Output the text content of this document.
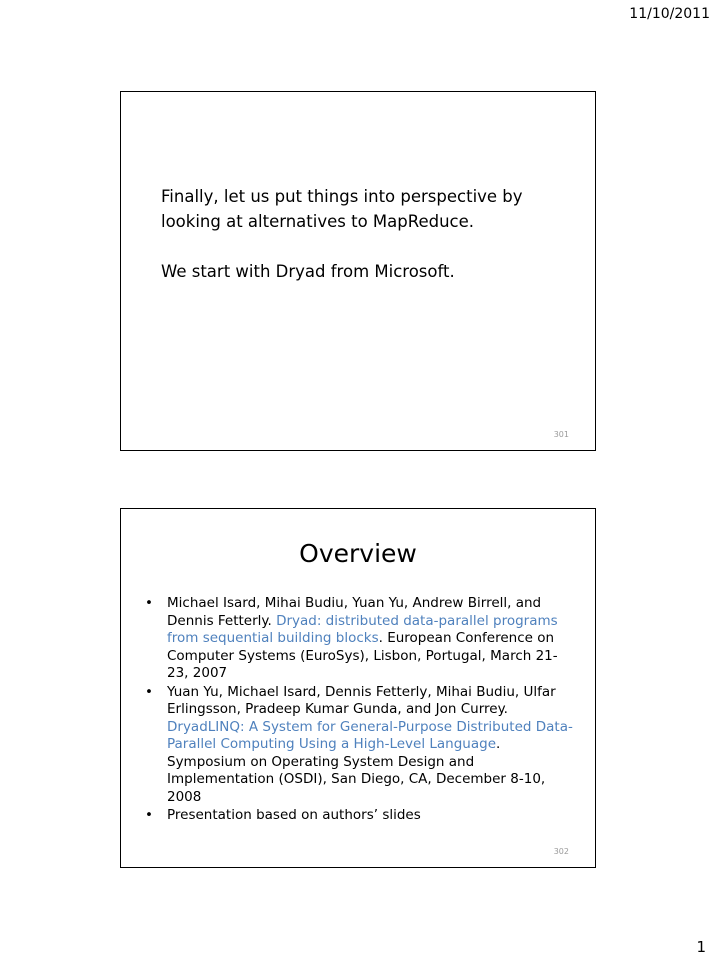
11/10/2011

Finally, let us put things into perspective by looking at alternatives to MapReduce.

We start with Dryad from Microsoft.

301
Overview
• Michael Isard, Mihai Budiu, Yuan Yu, Andrew Birrell, and Dennis Fetterly. Dryad: distributed data-parallel programs from sequential building blocks. European Conference on Computer Systems (EuroSys), Lisbon, Portugal, March 21-23, 2007
• Yuan Yu, Michael Isard, Dennis Fetterly, Mihai Budiu, Ulfar Erlingsson, Pradeep Kumar Gunda, and Jon Currey. DryadLINQ: A System for General-Purpose Distributed Data-Parallel Computing Using a High-Level Language. Symposium on Operating System Design and Implementation (OSDI), San Diego, CA, December 8-10, 2008
• Presentation based on authors’ slides
302
1
